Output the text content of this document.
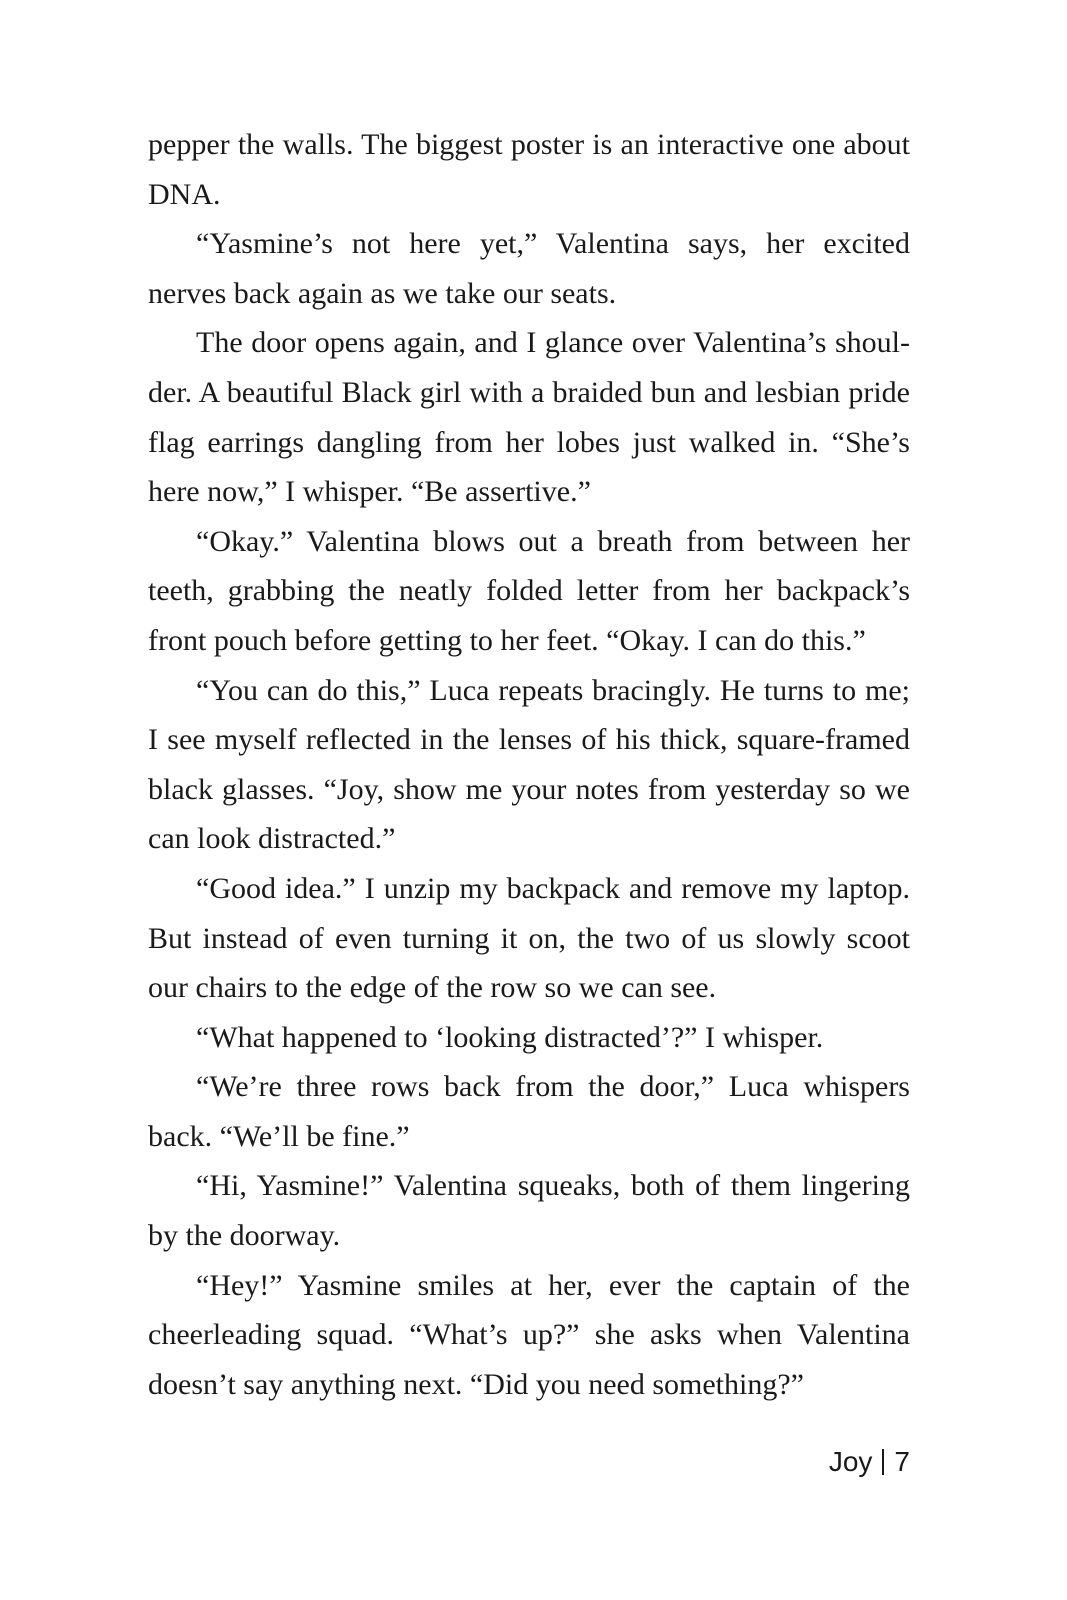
pepper the walls. The biggest poster is an interactive one about DNA.

“Yasmine’s not here yet,” Valentina says, her excited nerves back again as we take our seats.

The door opens again, and I glance over Valentina’s shoulder. A beautiful Black girl with a braided bun and lesbian pride flag earrings dangling from her lobes just walked in. “She’s here now,” I whisper. “Be assertive.”

“Okay.” Valentina blows out a breath from between her teeth, grabbing the neatly folded letter from her backpack’s front pouch before getting to her feet. “Okay. I can do this.”

“You can do this,” Luca repeats bracingly. He turns to me; I see myself reflected in the lenses of his thick, square-framed black glasses. “Joy, show me your notes from yesterday so we can look distracted.”

“Good idea.” I unzip my backpack and remove my laptop. But instead of even turning it on, the two of us slowly scoot our chairs to the edge of the row so we can see.

“What happened to ‘looking distracted’?” I whisper.

“We’re three rows back from the door,” Luca whispers back. “We’ll be fine.”

“Hi, Yasmine!” Valentina squeaks, both of them lingering by the doorway.

“Hey!” Yasmine smiles at her, ever the captain of the cheerleading squad. “What’s up?” she asks when Valentina doesn’t say anything next. “Did you need something?”

Joy 7
